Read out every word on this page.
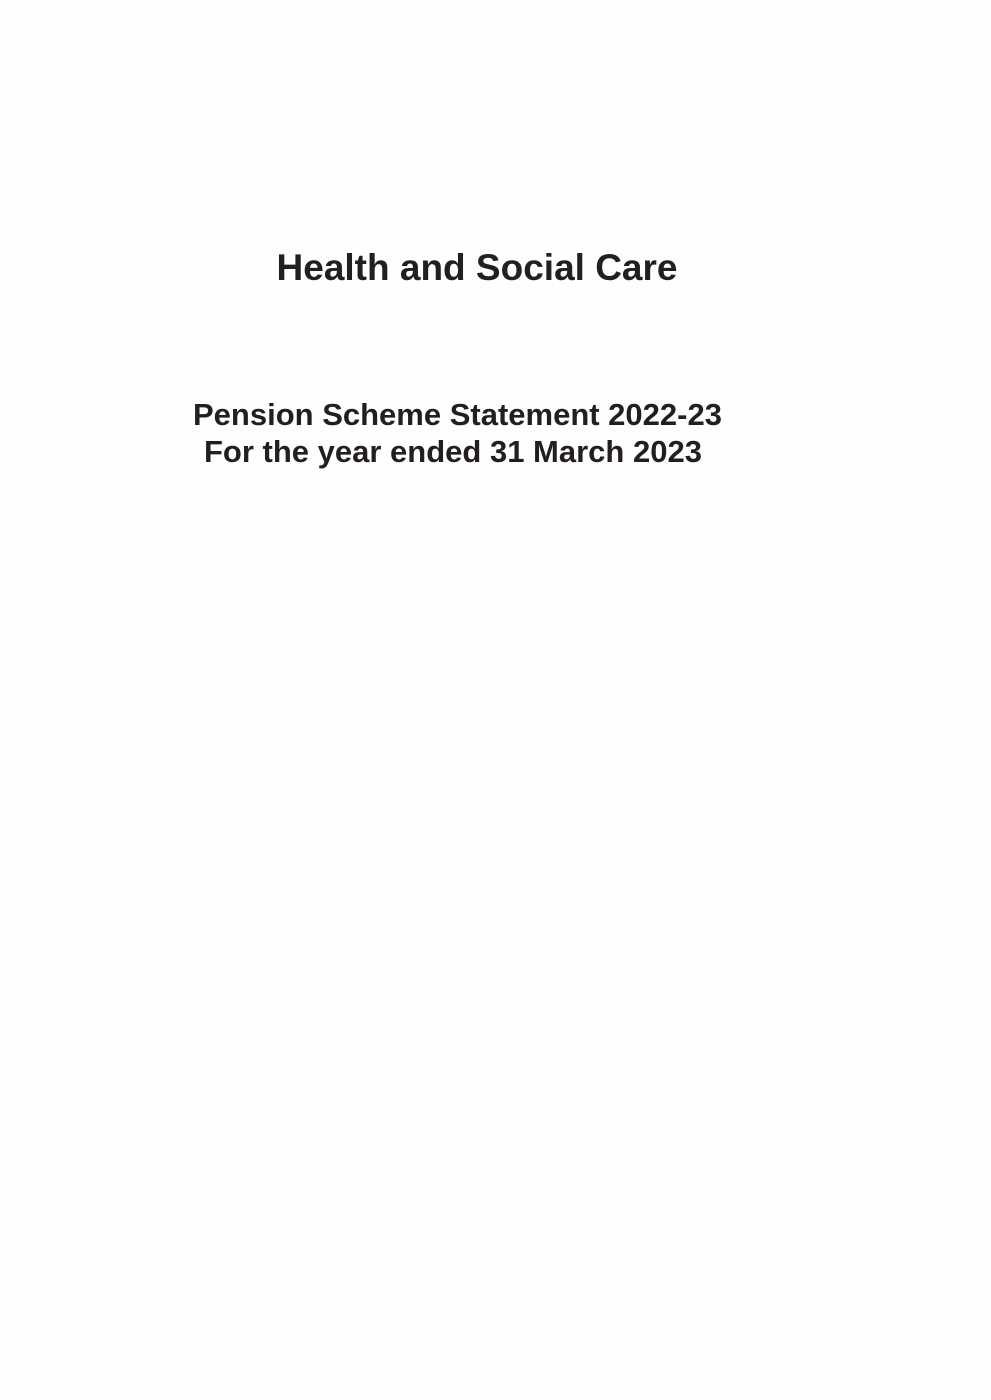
Health and Social Care

Pension Scheme Statement 2022-23

For the year ended 31 March 2023
